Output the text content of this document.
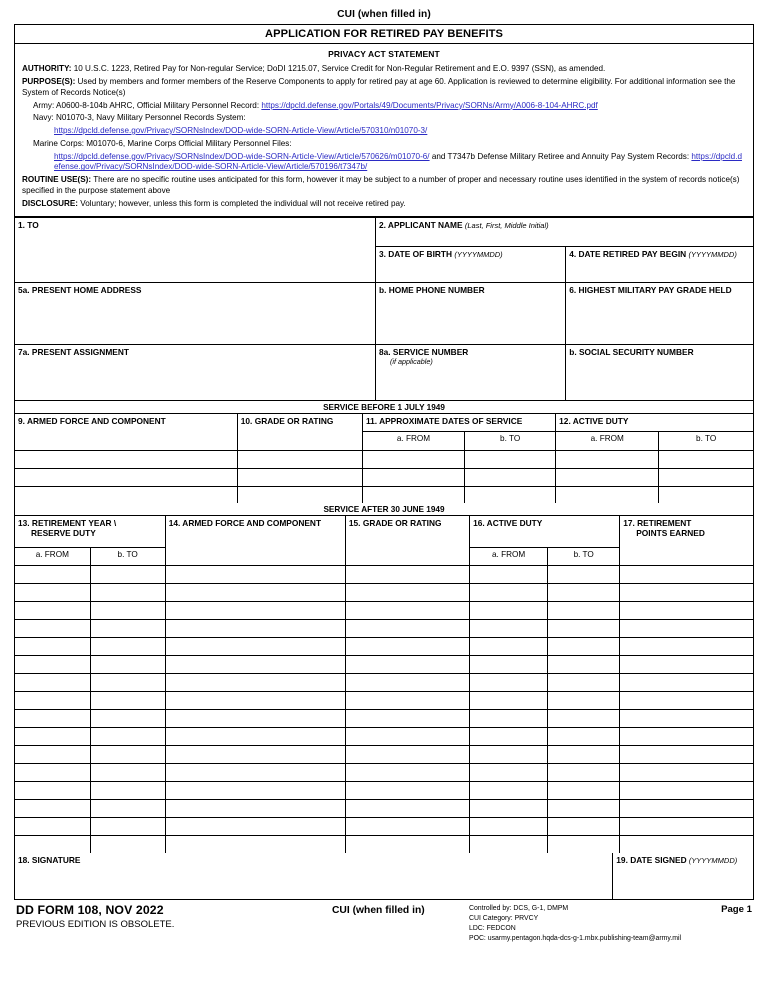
CUI (when filled in)
APPLICATION FOR RETIRED PAY BENEFITS
PRIVACY ACT STATEMENT

AUTHORITY: 10 U.S.C. 1223, Retired Pay for Non-regular Service; DoDI 1215.07, Service Credit for Non-Regular Retirement and E.O. 9397 (SSN), as amended.

PURPOSE(S): Used by members and former members of the Reserve Components to apply for retired pay at age 60. Application is reviewed to determine eligibility. For additional information see the System of Records Notice(s)

Army: A0600-8-104b AHRC, Official Military Personnel Record: https://dpcld.defense.gov/Portals/49/Documents/Privacy/SORNs/Army/A006-8-104-AHRC.pdf

Navy: N01070-3, Navy Military Personnel Records System:

https://dpcld.defense.gov/Privacy/SORNsIndex/DOD-wide-SORN-Article-View/Article/570310/n01070-3/

Marine Corps: M01070-6, Marine Corps Official Military Personnel Files:

https://dpcld.defense.gov/Privacy/SORNsIndex/DOD-wide-SORN-Article-View/Article/570626/m01070-6/ and T7347b Defense Military Retiree and Annuity Pay System Records: https://dpcld.defense.gov/Privacy/SORNsIndex/DOD-wide-SORN-Article-View/Article/570196/t7347b/

ROUTINE USE(S): There are no specific routine uses anticipated for this form, however it may be subject to a number of proper and necessary routine uses identified in the system of records notice(s) specified in the purpose statement above

DISCLOSURE: Voluntary; however, unless this form is completed the individual will not receive retired pay.

1. TO	2. APPLICANT NAME (Last, First, Middle Initial)	
	3. DATE OF BIRTH (YYYYMMDD)	4. DATE RETIRED PAY BEGIN (YYYYMMDD)
5a. PRESENT HOME ADDRESS	b. HOME PHONE NUMBER	6. HIGHEST MILITARY PAY GRADE HELD
7a. PRESENT ASSIGNMENT	8a. SERVICE NUMBER
(if applicable)	b. SOCIAL SECURITY NUMBER
SERVICE BEFORE 1 JULY 1949					
9. ARMED FORCE AND COMPONENT	10. GRADE OR RATING	11. APPROXIMATE DATES OF SERVICE		12. ACTIVE DUTY	
		a. FROM	b. TO	a. FROM	b. TO

SERVICE AFTER 30 JUNE 1949						
13. RETIREMENT YEAR \
RESERVE DUTY		14. ARMED FORCE AND COMPONENT	15. GRADE OR RATING	16. ACTIVE DUTY		17. RETIREMENT
POINTS EARNED
a. FROM	b. TO			a. FROM	b. TO	

18. SIGNATURE	19. DATE SIGNED (YYYYMMDD)
DD FORM 108, NOV 2022
PREVIOUS EDITION IS OBSOLETE.
CUI (when filled in)	Controlled by: DCS, G-1, DMPM
CUI Category: PRVCY
LDC: FEDCON
POC: usarmy.pentagon.hqda-dcs-g-1.mbx.publishing-team@army.mil
Page 1
